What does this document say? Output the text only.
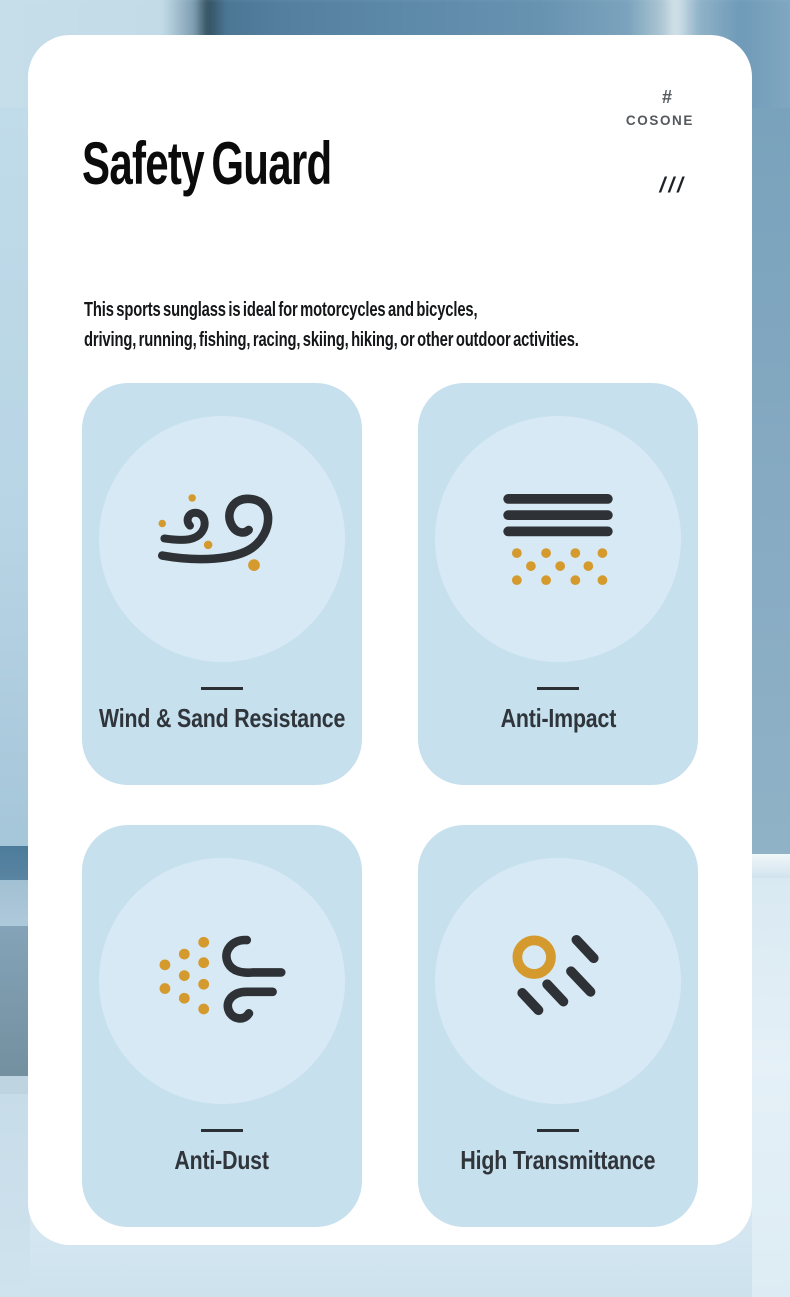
Safety Guard
#
COSONE
///
This sports sunglass is ideal for motorcycles and bicycles,
driving, running, fishing, racing, skiing, hiking, or other outdoor activities.
Wind & Sand Resistance	Anti-Impact
Anti-Dust	High Transmittance
